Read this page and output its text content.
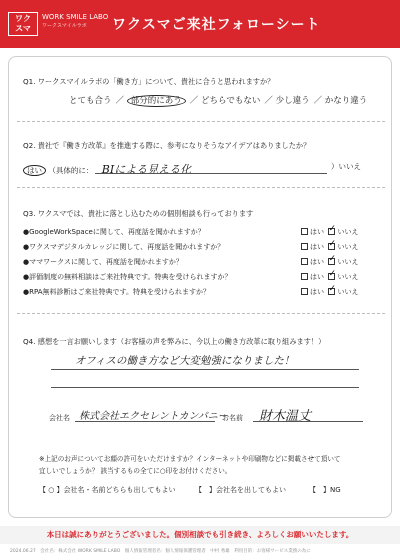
ワク
スマ
WORK SMILE LABO
ワークスマイルラボ	ワクスマご来社フォローシート
Q1. ワークスマイルラボの「働き方」について、貴社に合うと思われますか？
とても合う ／ 部分的にあう ／ どちらでもない ／ 少し違う ／ かなり違う
Q2. 貴社で『働き方改革』を推進する際に、参考になりそうなアイデアはありましたか？
はい （具体的に： BIによる見える化	）いいえ
Q3. ワクスマでは、貴社に落とし込むための個別相談も行っております
●GoogleWorkSpaceに関して、再度話を聞かれますか？	はい ✓ いいえ
●ワクスマデジタルカレッジに関して、再度話を聞かれますか？	はい ✓ いいえ
●ママワークスに関して、再度話を聞かれますか？	はい ✓ いいえ
●評価制度の無料相談はご来社特典です。特典を受けられますか？	はい ✓ いいえ
●RPA無料診断はご来社特典です。特典を受けられますか？	はい ✓ いいえ
Q4. 感想を一言お願いします（お客様の声を弊みに、今以上の働き方改革に取り組みます！）
オフィスの働き方など大変勉強になりました！
会社名 株式会社エクセレントカンパニー
お名前 財木温丈
※上記のお声についてお顔の許可をいただけますか？インターネットや印刷物などに掲載させて頂いて
宜しいでしょうか？ 該当するもの全てに○印をお付けください。
【 ○ 】会社名・名前どちらも出してもよい	【　】会社名を出してもよい	【　】NG
本日は誠にありがとうございました。個別相談でも引き続き、よろしくお願いいたします。
2024.06.27　会社名：株式会社 WORK SMILE LABO　個人情報管理者名：個人情報保護管理者　中村 秀雄　利用目的：お客様サービス業務の為に
